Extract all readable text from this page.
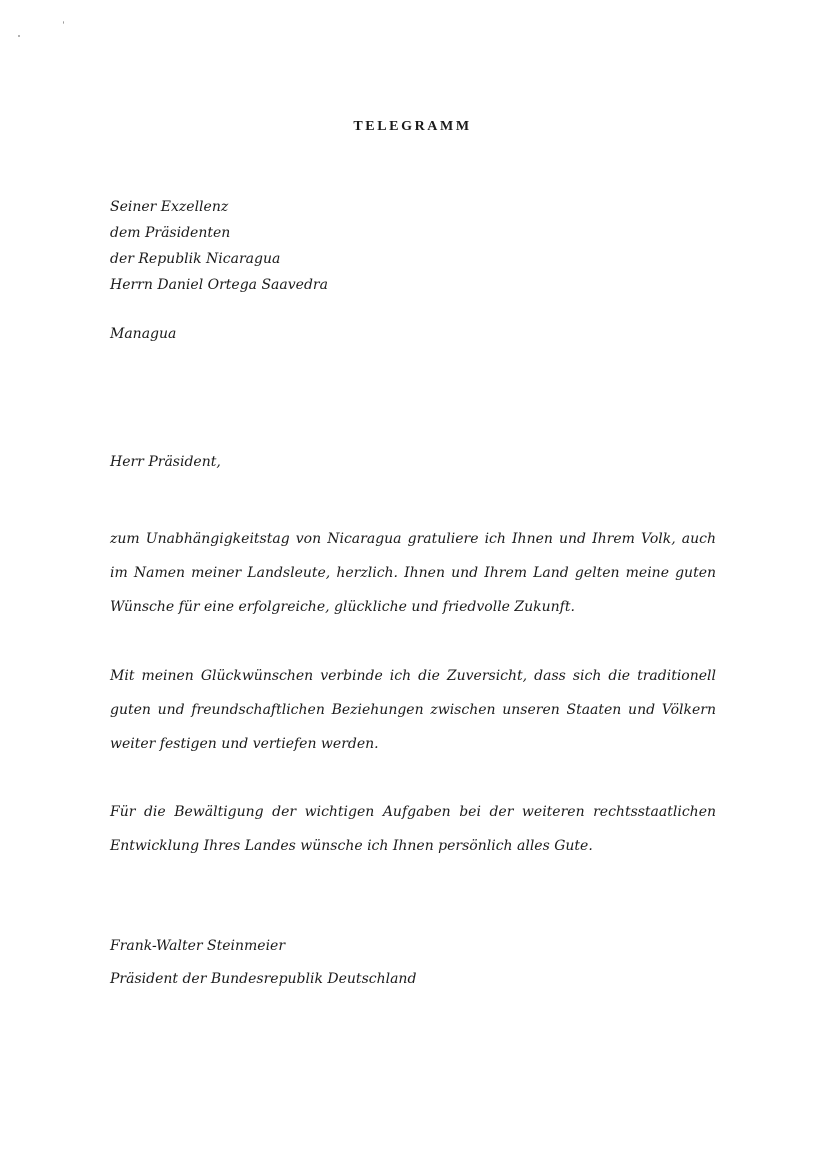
TELEGRAMM
Seiner Exzellenz
dem Präsidenten
der Republik Nicaragua
Herrn Daniel Ortega Saavedra
Managua
Herr Präsident,
zum Unabhängigkeitstag von Nicaragua gratuliere ich Ihnen und Ihrem Volk, auch im Namen meiner Landsleute, herzlich. Ihnen und Ihrem Land gelten meine guten Wünsche für eine erfolgreiche, glückliche und friedvolle Zukunft.
Mit meinen Glückwünschen verbinde ich die Zuversicht, dass sich die traditionell guten und freundschaftlichen Beziehungen zwischen unseren Staaten und Völkern weiter festigen und vertiefen werden.
Für die Bewältigung der wichtigen Aufgaben bei der weiteren rechtsstaatlichen Entwicklung Ihres Landes wünsche ich Ihnen persönlich alles Gute.
Frank-Walter Steinmeier
Präsident der Bundesrepublik Deutschland
